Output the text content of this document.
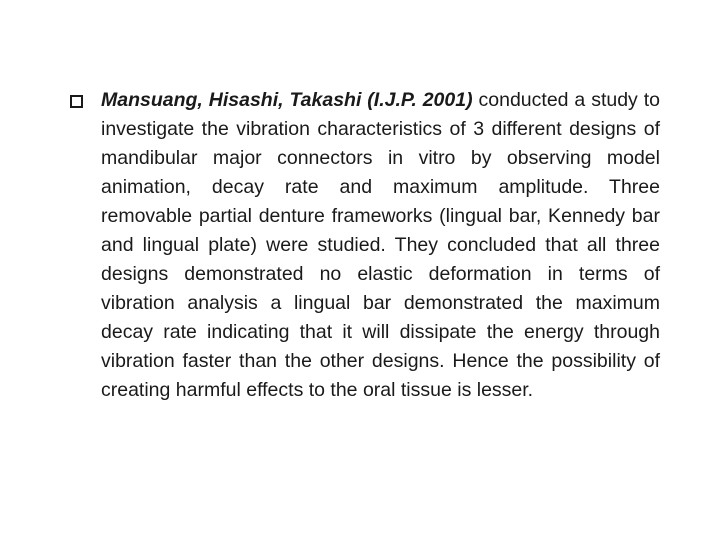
Mansuang, Hisashi, Takashi (I.J.P. 2001) conducted a study to investigate the vibration characteristics of 3 different designs of mandibular major connectors in vitro by observing model animation, decay rate and maximum amplitude. Three removable partial denture frameworks (lingual bar, Kennedy bar and lingual plate) were studied. They concluded that all three designs demonstrated no elastic deformation in terms of vibration analysis a lingual bar demonstrated the maximum decay rate indicating that it will dissipate the energy through vibration faster than the other designs. Hence the possibility of creating harmful effects to the oral tissue is lesser.
